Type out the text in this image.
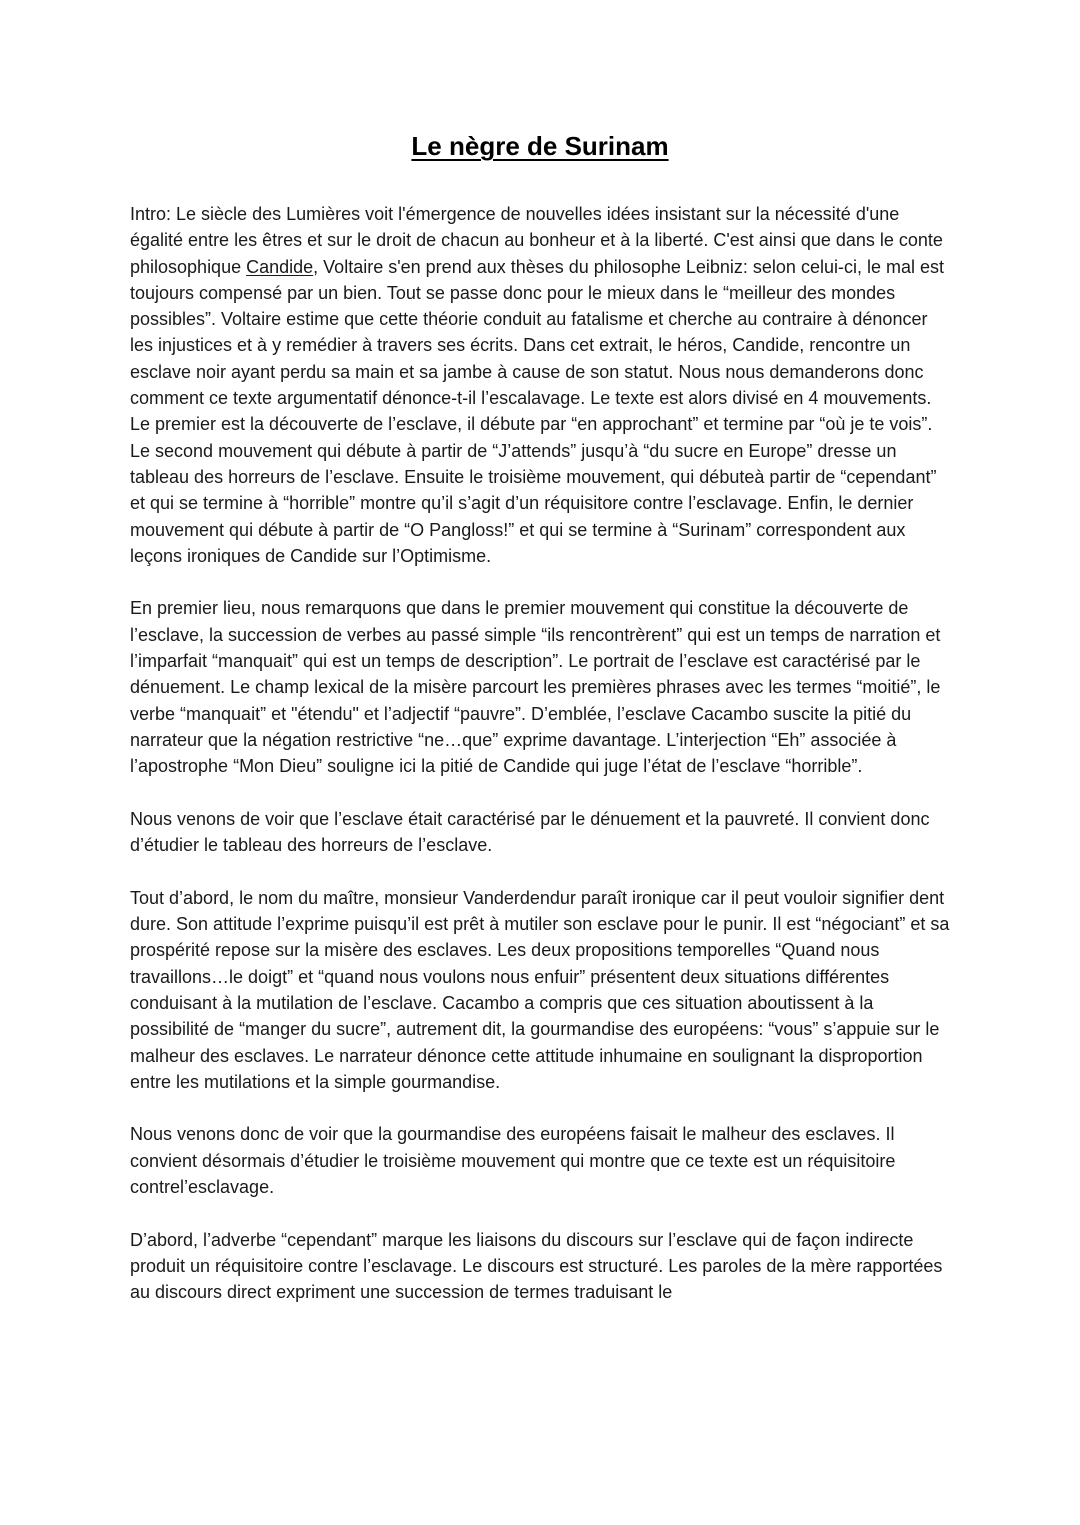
Le nègre de Surinam

Intro: Le siècle des Lumières voit l'émergence de nouvelles idées insistant sur la nécessité d'une égalité entre les êtres et sur le droit de chacun au bonheur et à la liberté. C'est ainsi que dans le conte philosophique Candide, Voltaire s'en prend aux thèses du philosophe Leibniz: selon celui-ci, le mal est toujours compensé par un bien. Tout se passe donc pour le mieux dans le “meilleur des mondes possibles”. Voltaire estime que cette théorie conduit au fatalisme et cherche au contraire à dénoncer les injustices et à y remédier à travers ses écrits. Dans cet extrait, le héros, Candide, rencontre un esclave noir ayant perdu sa main et sa jambe à cause de son statut. Nous nous demanderons donc comment ce texte argumentatif dénonce-t-il l’escalavage. Le texte est alors divisé en 4 mouvements. Le premier est la découverte de l’esclave, il débute par “en approchant” et termine par “où je te vois”. Le second mouvement qui débute à partir de “J’attends” jusqu’à “du sucre en Europe” dresse un tableau des horreurs de l’esclave. Ensuite le troisième mouvement, qui débuteà partir de “cependant” et qui se termine à “horrible” montre qu’il s’agit d’un réquisitore contre l’esclavage. Enfin, le dernier mouvement qui débute à partir de “O Pangloss!” et qui se termine à “Surinam” correspondent aux leçons ironiques de Candide sur l’Optimisme.

En premier lieu, nous remarquons que dans le premier mouvement qui constitue la découverte de l’esclave, la succession de verbes au passé simple “ils rencontrèrent” qui est un temps de narration et l’imparfait “manquait” qui est un temps de description”. Le portrait de l’esclave est caractérisé par le dénuement. Le champ lexical de la misère parcourt les premières phrases avec les termes “moitié”, le verbe “manquait” et "étendu" et l’adjectif “pauvre”. D’emblée, l’esclave Cacambo suscite la pitié du narrateur que la négation restrictive “ne…que” exprime davantage. L’interjection “Eh” associée à l’apostrophe “Mon Dieu” souligne ici la pitié de Candide qui juge l’état de l’esclave “horrible”.

Nous venons de voir que l’esclave était caractérisé par le dénuement et la pauvreté. Il convient donc d’étudier le tableau des horreurs de l’esclave.

Tout d’abord, le nom du maître, monsieur Vanderdendur paraît ironique car il peut vouloir signifier dent dure. Son attitude l’exprime puisqu’il est prêt à mutiler son esclave pour le punir. Il est “négociant” et sa prospérité repose sur la misère des esclaves. Les deux propositions temporelles “Quand nous travaillons…le doigt” et “quand nous voulons nous enfuir” présentent deux situations différentes conduisant à la mutilation de l’esclave. Cacambo a compris que ces situation aboutissent à la possibilité de “manger du sucre”, autrement dit, la gourmandise des européens: “vous” s’appuie sur le malheur des esclaves. Le narrateur dénonce cette attitude inhumaine en soulignant la disproportion entre les mutilations et la simple gourmandise.

Nous venons donc de voir que la gourmandise des européens faisait le malheur des esclaves. Il convient désormais d’étudier le troisième mouvement qui montre que ce texte est un réquisitoire contrel’esclavage.

D’abord, l’adverbe “cependant” marque les liaisons du discours sur l’esclave qui de façon indirecte produit un réquisitoire contre l’esclavage. Le discours est structuré. Les paroles de la mère rapportées au discours direct expriment une succession de termes traduisant le
